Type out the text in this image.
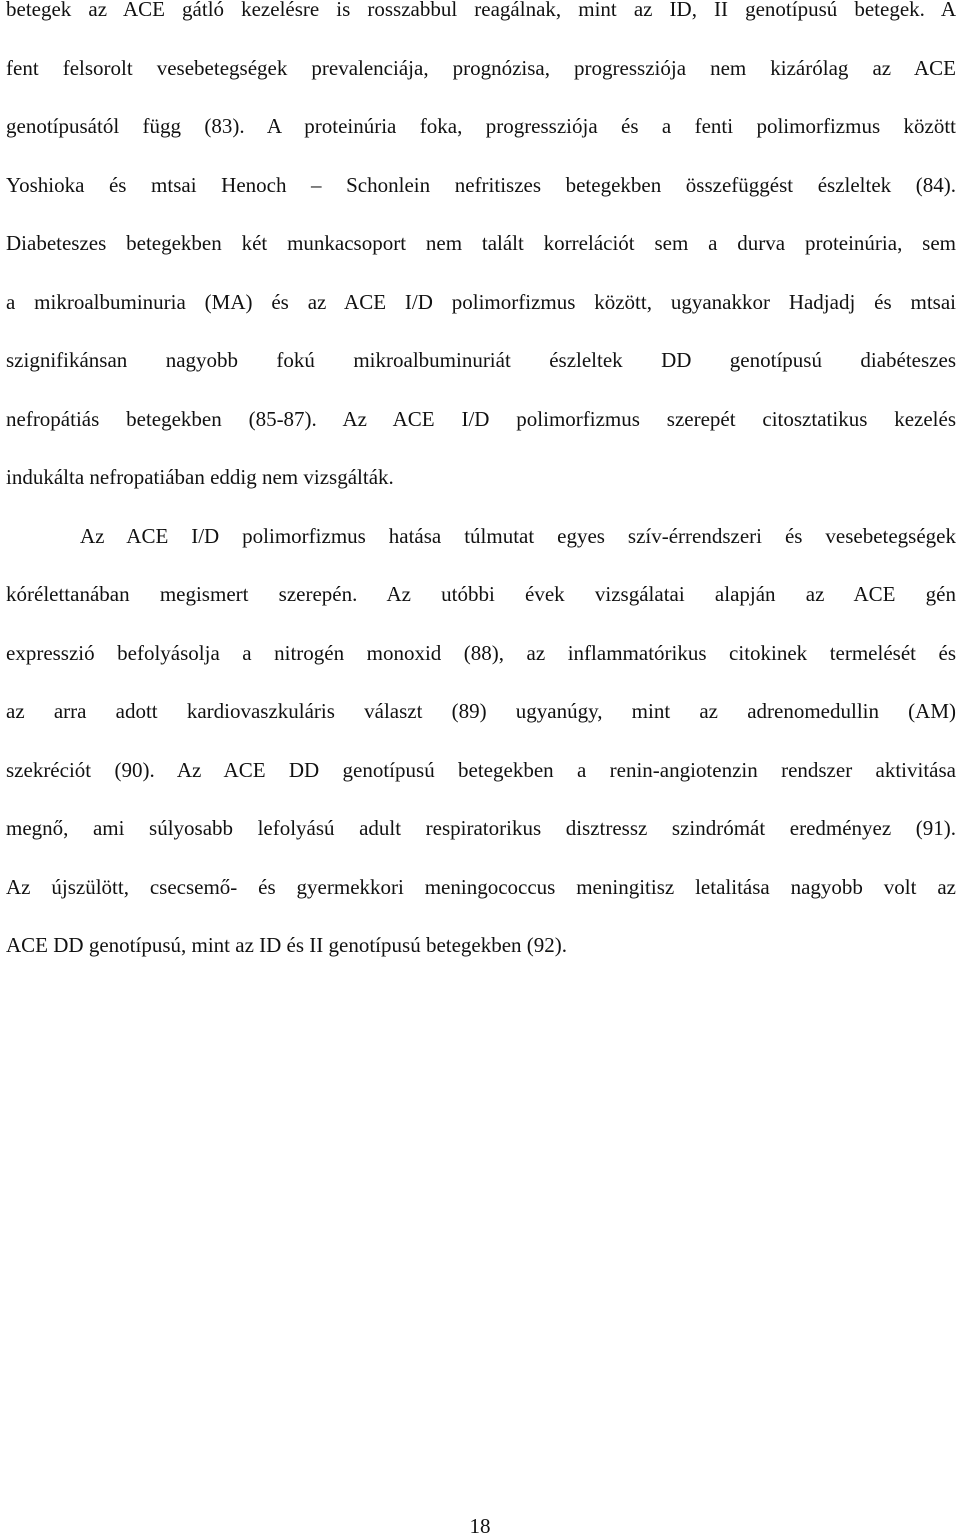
betegek az ACE gátló kezelésre is rosszabbul reagálnak, mint az ID, II genotípusú betegek. A
fent felsorolt vesebetegségek prevalenciája, prognózisa, progressziója nem kizárólag az ACE
genotípusától függ (83). A proteinúria foka, progressziója és a fenti polimorfizmus között
Yoshioka és mtsai Henoch – Schonlein nefritiszes betegekben összefüggést észleltek (84).
Diabeteszes betegekben két munkacsoport nem talált korrelációt sem a durva proteinúria, sem
a mikroalbuminuria (MA) és az ACE I/D polimorfizmus között, ugyanakkor Hadjadj és mtsai
szignifikánsan nagyobb fokú mikroalbuminuriát észleltek DD genotípusú diabéteszes
nefropátiás betegekben (85-87). Az ACE I/D polimorfizmus szerepét citosztatikus kezelés
indukálta nefropatiában eddig nem vizsgálták.
Az ACE I/D polimorfizmus hatása túlmutat egyes szív-érrendszeri és vesebetegségek
kórélettanában megismert szerepén. Az utóbbi évek vizsgálatai alapján az ACE gén
expresszió befolyásolja a nitrogén monoxid (88), az inflammatórikus citokinek termelését és
az arra adott kardiovaszkuláris választ (89) ugyanúgy, mint az adrenomedullin (AM)
szekréciót (90). Az ACE DD genotípusú betegekben a renin-angiotenzin rendszer aktivitása
megnő, ami súlyosabb lefolyású adult respiratorikus disztressz szindrómát eredményez (91).
Az újszülött, csecsemő- és gyermekkori meningococcus meningitisz letalitása nagyobb volt az
ACE DD genotípusú, mint az ID és II genotípusú betegekben (92).
18
